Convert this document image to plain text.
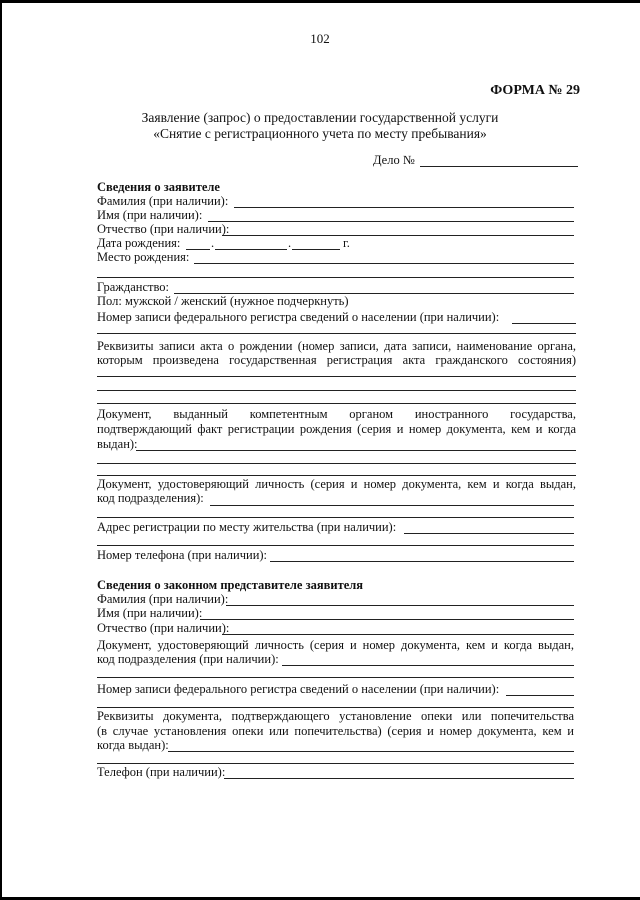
102
ФОРМА № 29
Заявление (запрос) о предоставлении государственной услуги
«Снятие с регистрационного учета по месту пребывания»
Дело №
Сведения о заявителе
Фамилия (при наличии):
Имя (при наличии):
Отчество (при наличии):
Дата рождения: .	.	г.
Место рождения:
Гражданство:
Пол: мужской / женский (нужное подчеркнуть)
Номер записи федерального регистра сведений о населении (при наличии):
Реквизиты записи акта о рождении (номер записи, дата записи, наименование органа,
которым произведена государственная регистрация акта гражданского состояния)
Документ, выданный компетентным органом иностранного государства,
подтверждающий факт регистрации рождения (серия и номер документа, кем и когда
выдан):
Документ, удостоверяющий личность (серия и номер документа, кем и когда выдан,
код подразделения):
Адрес регистрации по месту жительства (при наличии):
Номер телефона (при наличии):
Сведения о законном представителе заявителя
Фамилия (при наличии):
Имя (при наличии):
Отчество (при наличии):
Документ, удостоверяющий личность (серия и номер документа, кем и когда выдан,
код подразделения (при наличии):
Номер записи федерального регистра сведений о населении (при наличии):
Реквизиты документа, подтверждающего установление опеки или попечительства
(в случае установления опеки или попечительства) (серия и номер документа, кем и
когда выдан):
Телефон (при наличии):
